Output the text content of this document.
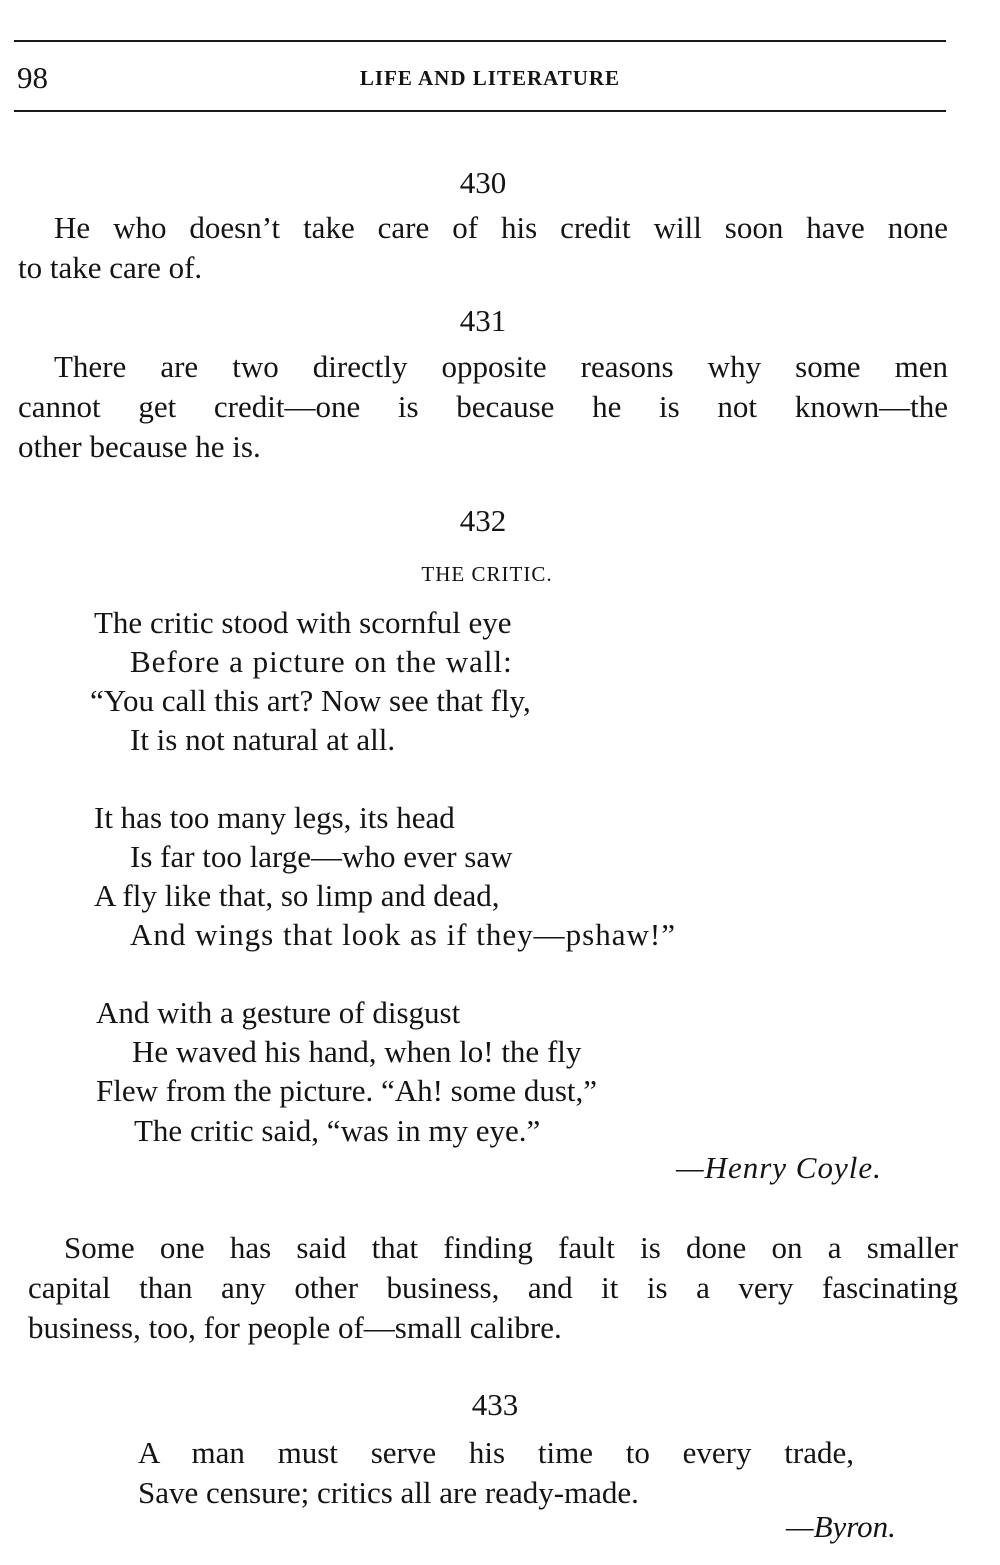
98	LIFE AND LITERATURE
430
He who doesn’t take care of his credit will soon have none
to take care of.
431
There are two directly opposite reasons why some men
cannot get credit—one is because he is not known—the
other because he is.
432
THE CRITIC.
The critic stood with scornful eye
Before a picture on the wall:
“You call this art? Now see that fly,
It is not natural at all.
It has too many legs, its head
Is far too large—who ever saw
A fly like that, so limp and dead,
And wings that look as if they—pshaw!”
And with a gesture of disgust
He waved his hand, when lo! the fly
Flew from the picture. “Ah! some dust,”
The critic said, “was in my eye.”
—Henry Coyle.
Some one has said that finding fault is done on a smaller
capital than any other business, and it is a very fascinating
business, too, for people of—small calibre.
433
A man must serve his time to every trade,
Save censure; critics all are ready-made.
—Byron.
